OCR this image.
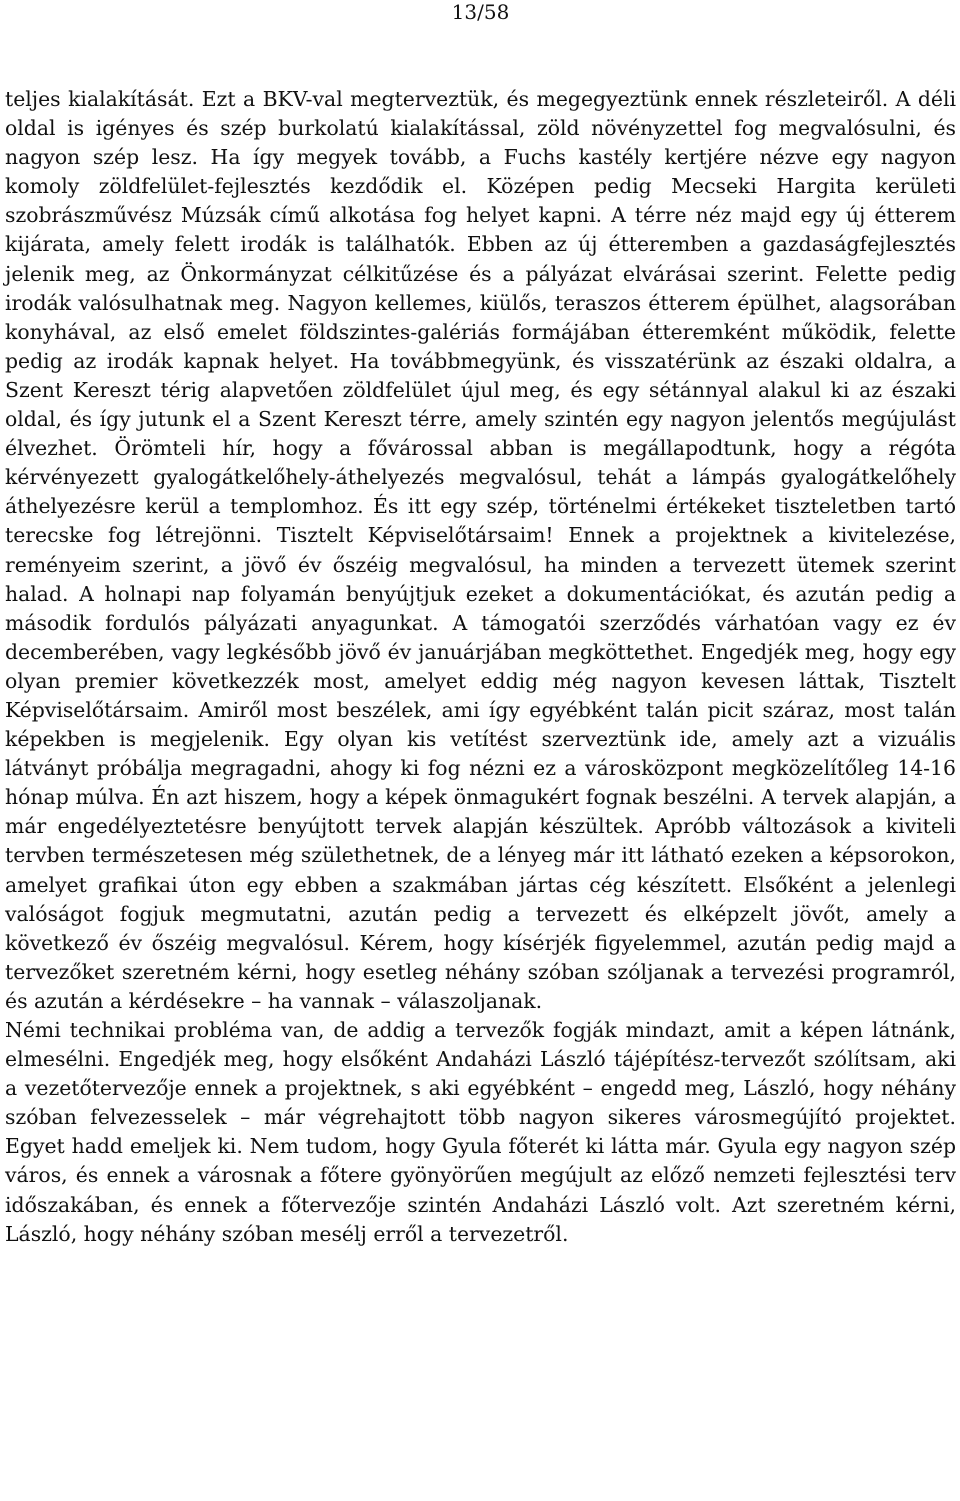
13/58

teljes kialakítását. Ezt a BKV-val megterveztük, és megegyeztünk ennek részleteiről. A déli oldal is igényes és szép burkolatú kialakítással, zöld növényzettel fog megvalósulni, és nagyon szép lesz. Ha így megyek tovább, a Fuchs kastély kertjére nézve egy nagyon komoly zöldfelület-fejlesztés kezdődik el. Középen pedig Mecseki Hargita kerületi szobrászművész Múzsák című alkotása fog helyet kapni. A térre néz majd egy új étterem kijárata, amely felett irodák is találhatók. Ebben az új étteremben a gazdaságfejlesztés jelenik meg, az Önkormányzat célkitűzése és a pályázat elvárásai szerint. Felette pedig irodák valósulhatnak meg. Nagyon kellemes, kiülős, teraszos étterem épülhet, alagsorában konyhával, az első emelet földszintes-galériás formájában étteremként működik, felette pedig az irodák kapnak helyet. Ha továbbmegyünk, és visszatérünk az északi oldalra, a Szent Kereszt térig alapvetően zöldfelület újul meg, és egy sétánnyal alakul ki az északi oldal, és így jutunk el a Szent Kereszt térre, amely szintén egy nagyon jelentős megújulást élvezhet. Örömteli hír, hogy a fővárossal abban is megállapodtunk, hogy a régóta kérvényezett gyalogátkelőhely-áthelyezés megvalósul, tehát a lámpás gyalogátkelőhely áthelyezésre kerül a templomhoz. És itt egy szép, történelmi értékeket tiszteletben tartó terecske fog létrejönni. Tisztelt Képviselőtársaim! Ennek a projektnek a kivitelezése, reményeim szerint, a jövő év őszéig megvalósul, ha minden a tervezett ütemek szerint halad. A holnapi nap folyamán benyújtjuk ezeket a dokumentációkat, és azután pedig a második fordulós pályázati anyagunkat. A támogatói szerződés várhatóan vagy ez év decemberében, vagy legkésőbb jövő év januárjában megköttethet. Engedjék meg, hogy egy olyan premier következzék most, amelyet eddig még nagyon kevesen láttak, Tisztelt Képviselőtársaim. Amiről most beszélek, ami így egyébként talán picit száraz, most talán képekben is megjelenik. Egy olyan kis vetítést szerveztünk ide, amely azt a vizuális látványt próbálja megragadni, ahogy ki fog nézni ez a városközpont megközelítőleg 14-16 hónap múlva. Én azt hiszem, hogy a képek önmagukért fognak beszélni. A tervek alapján, a már engedélyeztetésre benyújtott tervek alapján készültek. Apróbb változások a kiviteli tervben természetesen még születhetnek, de a lényeg már itt látható ezeken a képsorokon, amelyet grafikai úton egy ebben a szakmában jártas cég készített. Elsőként a jelenlegi valóságot fogjuk megmutatni, azután pedig a tervezett és elképzelt jövőt, amely a következő év őszéig megvalósul. Kérem, hogy kísérjék figyelemmel, azután pedig majd a tervezőket szeretném kérni, hogy esetleg néhány szóban szóljanak a tervezési programról, és azután a kérdésekre – ha vannak – válaszoljanak.

Némi technikai probléma van, de addig a tervezők fogják mindazt, amit a képen látnánk, elmesélni. Engedjék meg, hogy elsőként Andaházi László tájépítész-tervezőt szólítsam, aki a vezetőtervezője ennek a projektnek, s aki egyébként – engedd meg, László, hogy néhány szóban felvezesselek – már végrehajtott több nagyon sikeres városmegújító projektet. Egyet hadd emeljek ki. Nem tudom, hogy Gyula főterét ki látta már. Gyula egy nagyon szép város, és ennek a városnak a főtere gyönyörűen megújult az előző nemzeti fejlesztési terv időszakában, és ennek a főtervezője szintén Andaházi László volt. Azt szeretném kérni, László, hogy néhány szóban mesélj erről a tervezetről.
